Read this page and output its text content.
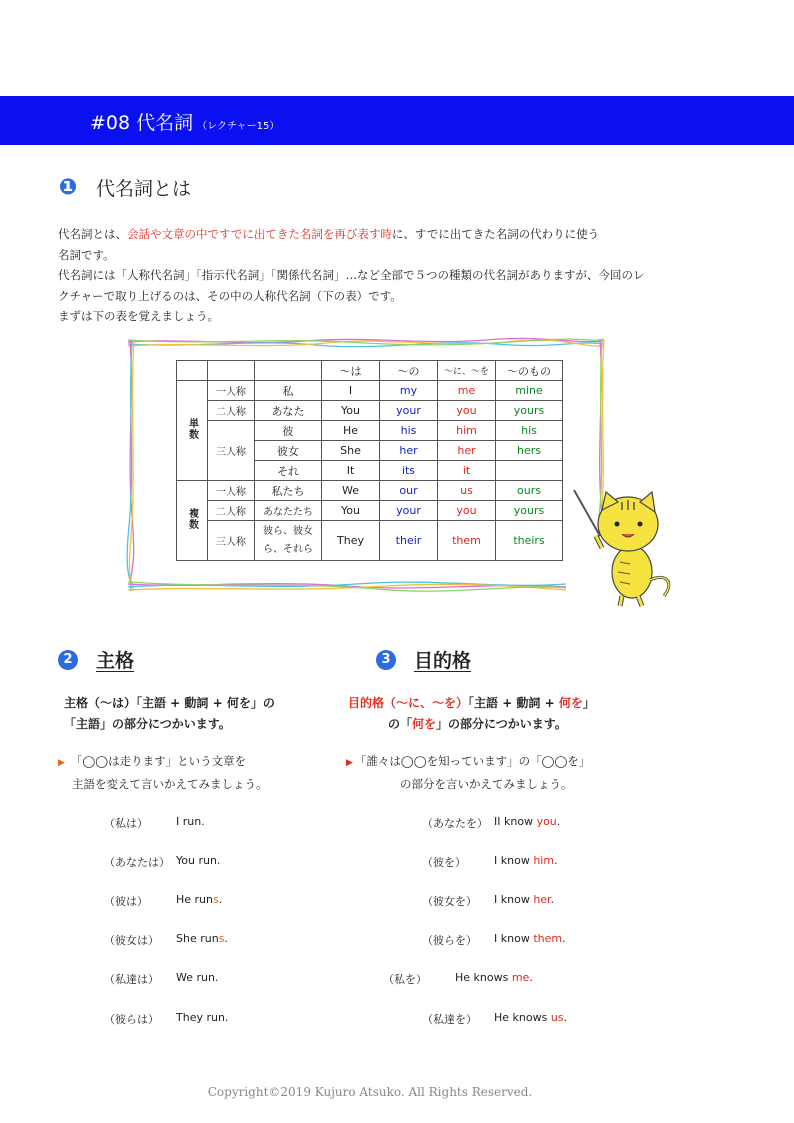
#08 代名詞 （レクチャー15）
❶ 代名詞とは
代名詞とは、会話や文章の中ですでに出てきた名詞を再び表す時に、すでに出てきた名詞の代わりに使う
名詞です。
代名詞には「人称代名詞」「指示代名詞」「関係代名詞」…など全部で５つの種類の代名詞がありますが、今回のレ
クチャーで取り上げるのは、その中の人称代名詞（下の表）です。
まずは下の表を覚えましょう。
			～は	～の	～に、～を	～のもの
単数	一人称	私	I	my	me	mine
	二人称	あなた	You	your	you	yours
	三人称	彼	He	his	him	his
		彼女	She	her	her	hers
		それ	It	its	it	
複数	一人称	私たち	We	our	us	ours
	二人称	あなたたち	You	your	you	yours
	三人称	彼ら、彼女ら、それら	They	their	them	theirs
2 主格
主格（～は）「主語 + 動詞 + 何を」の
「主語」の部分につかいます。
▶ 「◯◯は走ります」という文章を
主語を変えて言いかえてみましょう。
（私は）	I run.
（あなたは） You run.
（彼は）	He runs.
（彼女は） She runs.
（私達は） We run.
（彼らは） They run.
3 目的格
目的格（～に、～を）「主語 + 動詞 + 何を」
の「何を」の部分につかいます。
▶ 「誰々は◯◯を知っています」の「◯◯を」
の部分を言いかえてみましょう。
（あなたを） II know you.
（彼を）	I know him.
（彼女を） I know her.
（彼らを） I know them.
（私を）	He knows me.
（私達を） He knows us.
Copyright©2019 Kujuro Atsuko. All Rights Reserved.
